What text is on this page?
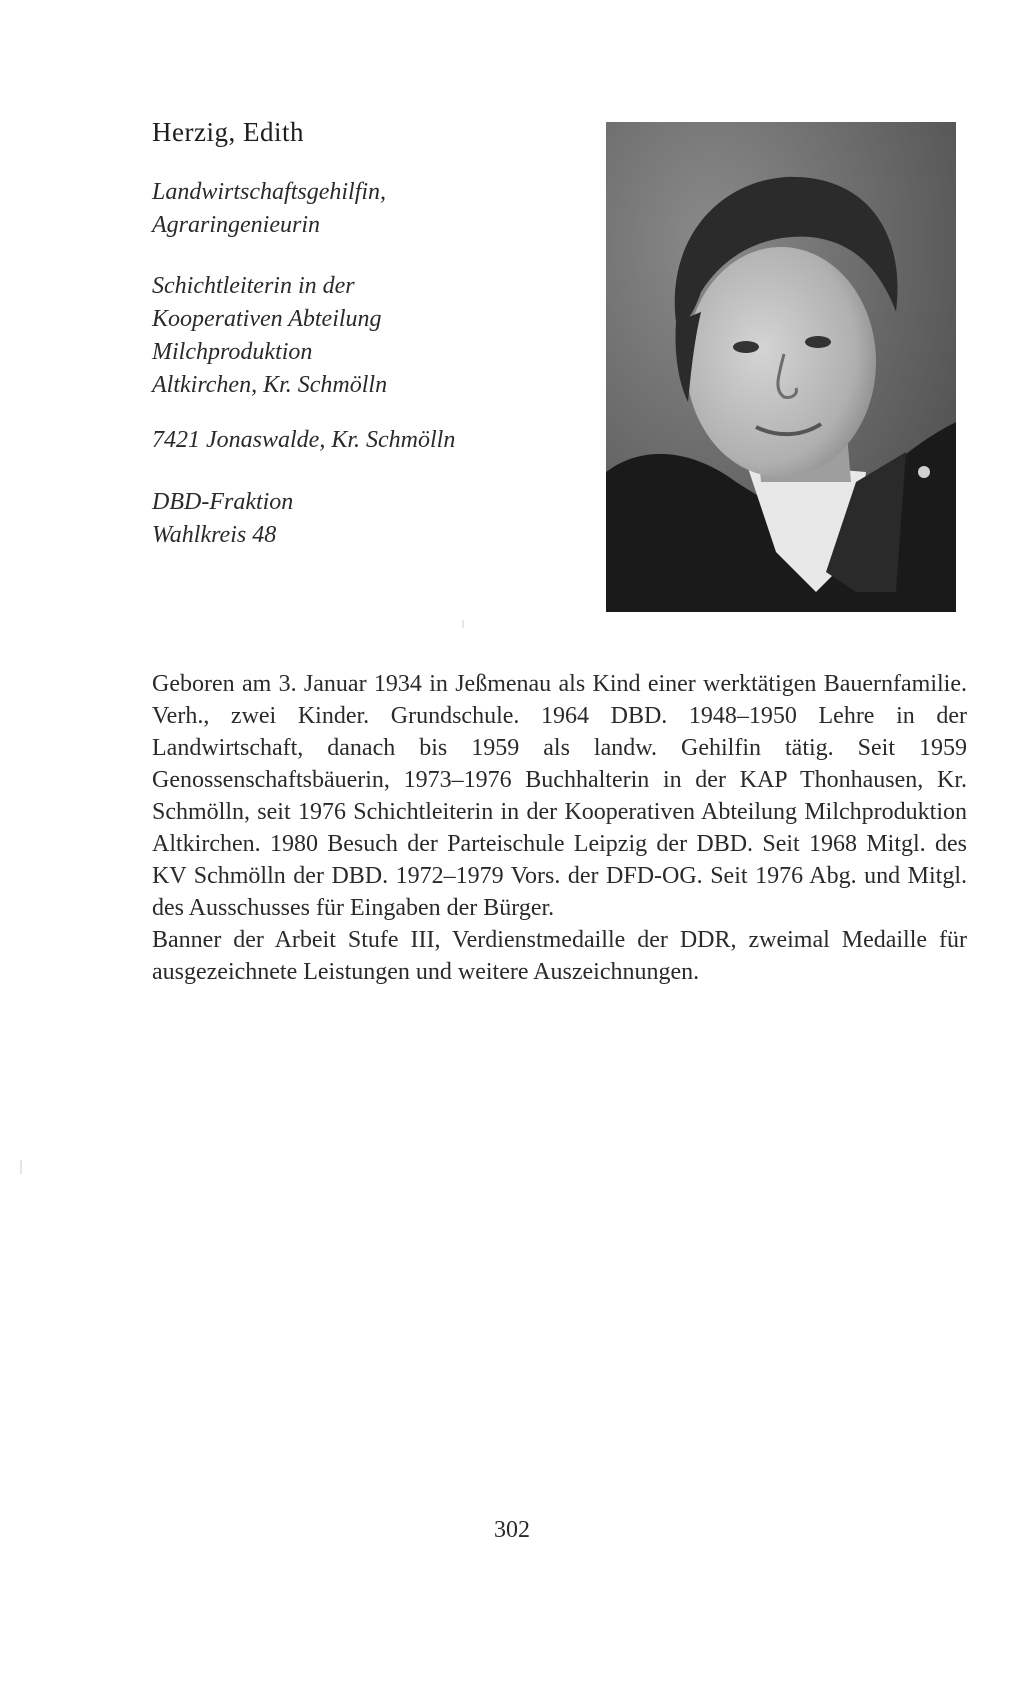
Herzig, Edith
Landwirtschaftsgehilfin,
Agraringenieurin
Schichtleiterin in der
Kooperativen Abteilung
Milchproduktion
Altkirchen, Kr. Schmölln
7421 Jonaswalde, Kr. Schmölln
DBD-Fraktion
Wahlkreis 48

Geboren am 3. Januar 1934 in Jeßmenau als Kind einer werktätigen Bauernfamilie. Verh., zwei Kinder. Grundschule. 1964 DBD. 1948–1950 Lehre in der Landwirtschaft, danach bis 1959 als landw. Gehilfin tätig. Seit 1959 Genossenschaftsbäuerin, 1973–1976 Buchhalterin in der KAP Thonhausen, Kr. Schmölln, seit 1976 Schichtleiterin in der Kooperativen Abteilung Milchproduktion Altkirchen. 1980 Besuch der Parteischule Leipzig der DBD. Seit 1968 Mitgl. des KV Schmölln der DBD. 1972–1979 Vors. der DFD-OG. Seit 1976 Abg. und Mitgl. des Ausschusses für Eingaben der Bürger.

Banner der Arbeit Stufe III, Verdienstmedaille der DDR, zweimal Medaille für ausgezeichnete Leistungen und weitere Auszeichnungen.

302
